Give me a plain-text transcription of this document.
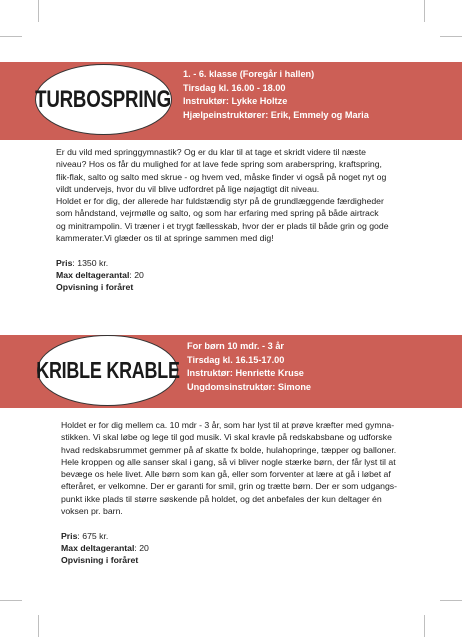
TURBOSPRING
1. - 6. klasse (Foregår i hallen)
Tirsdag kl. 16.00 - 18.00
Instruktør: Lykke Holtze
Hjælpeinstruktører: Erik, Emmely og Maria

Er du vild med springgymnastik? Og er du klar til at tage et skridt videre til næste

niveau? Hos os får du mulighed for at lave fede spring som araberspring, kraftspring,

flik-flak, salto og salto med skrue - og hvem ved, måske finder vi også på noget nyt og

vildt undervejs, hvor du vil blive udfordret på lige nøjagtigt dit niveau.

Holdet er for dig, der allerede har fuldstændig styr på de grundlæggende færdigheder

som håndstand, vejrmølle og salto, og som har erfaring med spring på både airtrack

og minitrampolin. Vi træner i et trygt fællesskab, hvor der er plads til både grin og gode

kammerater.Vi glæder os til at springe sammen med dig!

Pris: 1350 kr.

Max deltagerantal: 20

Opvisning i foråret

KRIBLE KRABLE
For børn 10 mdr. - 3 år
Tirsdag kl. 16.15-17.00
Instruktør: Henriette Kruse
Ungdomsinstruktør: Simone

Holdet er for dig mellem ca. 10 mdr - 3 år, som har lyst til at prøve kræfter med gymna-

stikken. Vi skal løbe og lege til god musik. Vi skal kravle på redskabsbane og udforske

hvad redskabsrummet gemmer på af skatte fx bolde, hulahopringe, tæpper og balloner.

Hele kroppen og alle sanser skal i gang, så vi bliver nogle stærke børn, der får lyst til at

bevæge os hele livet. Alle børn som kan gå, eller som forventer at lære at gå i løbet af

efteråret, er velkomne. Der er garanti for smil, grin og trætte børn. Der er som udgangs-

punkt ikke plads til større søskende på holdet, og det anbefales der kun deltager én

voksen pr. barn.

Pris: 675 kr.

Max deltagerantal: 20

Opvisning i foråret
